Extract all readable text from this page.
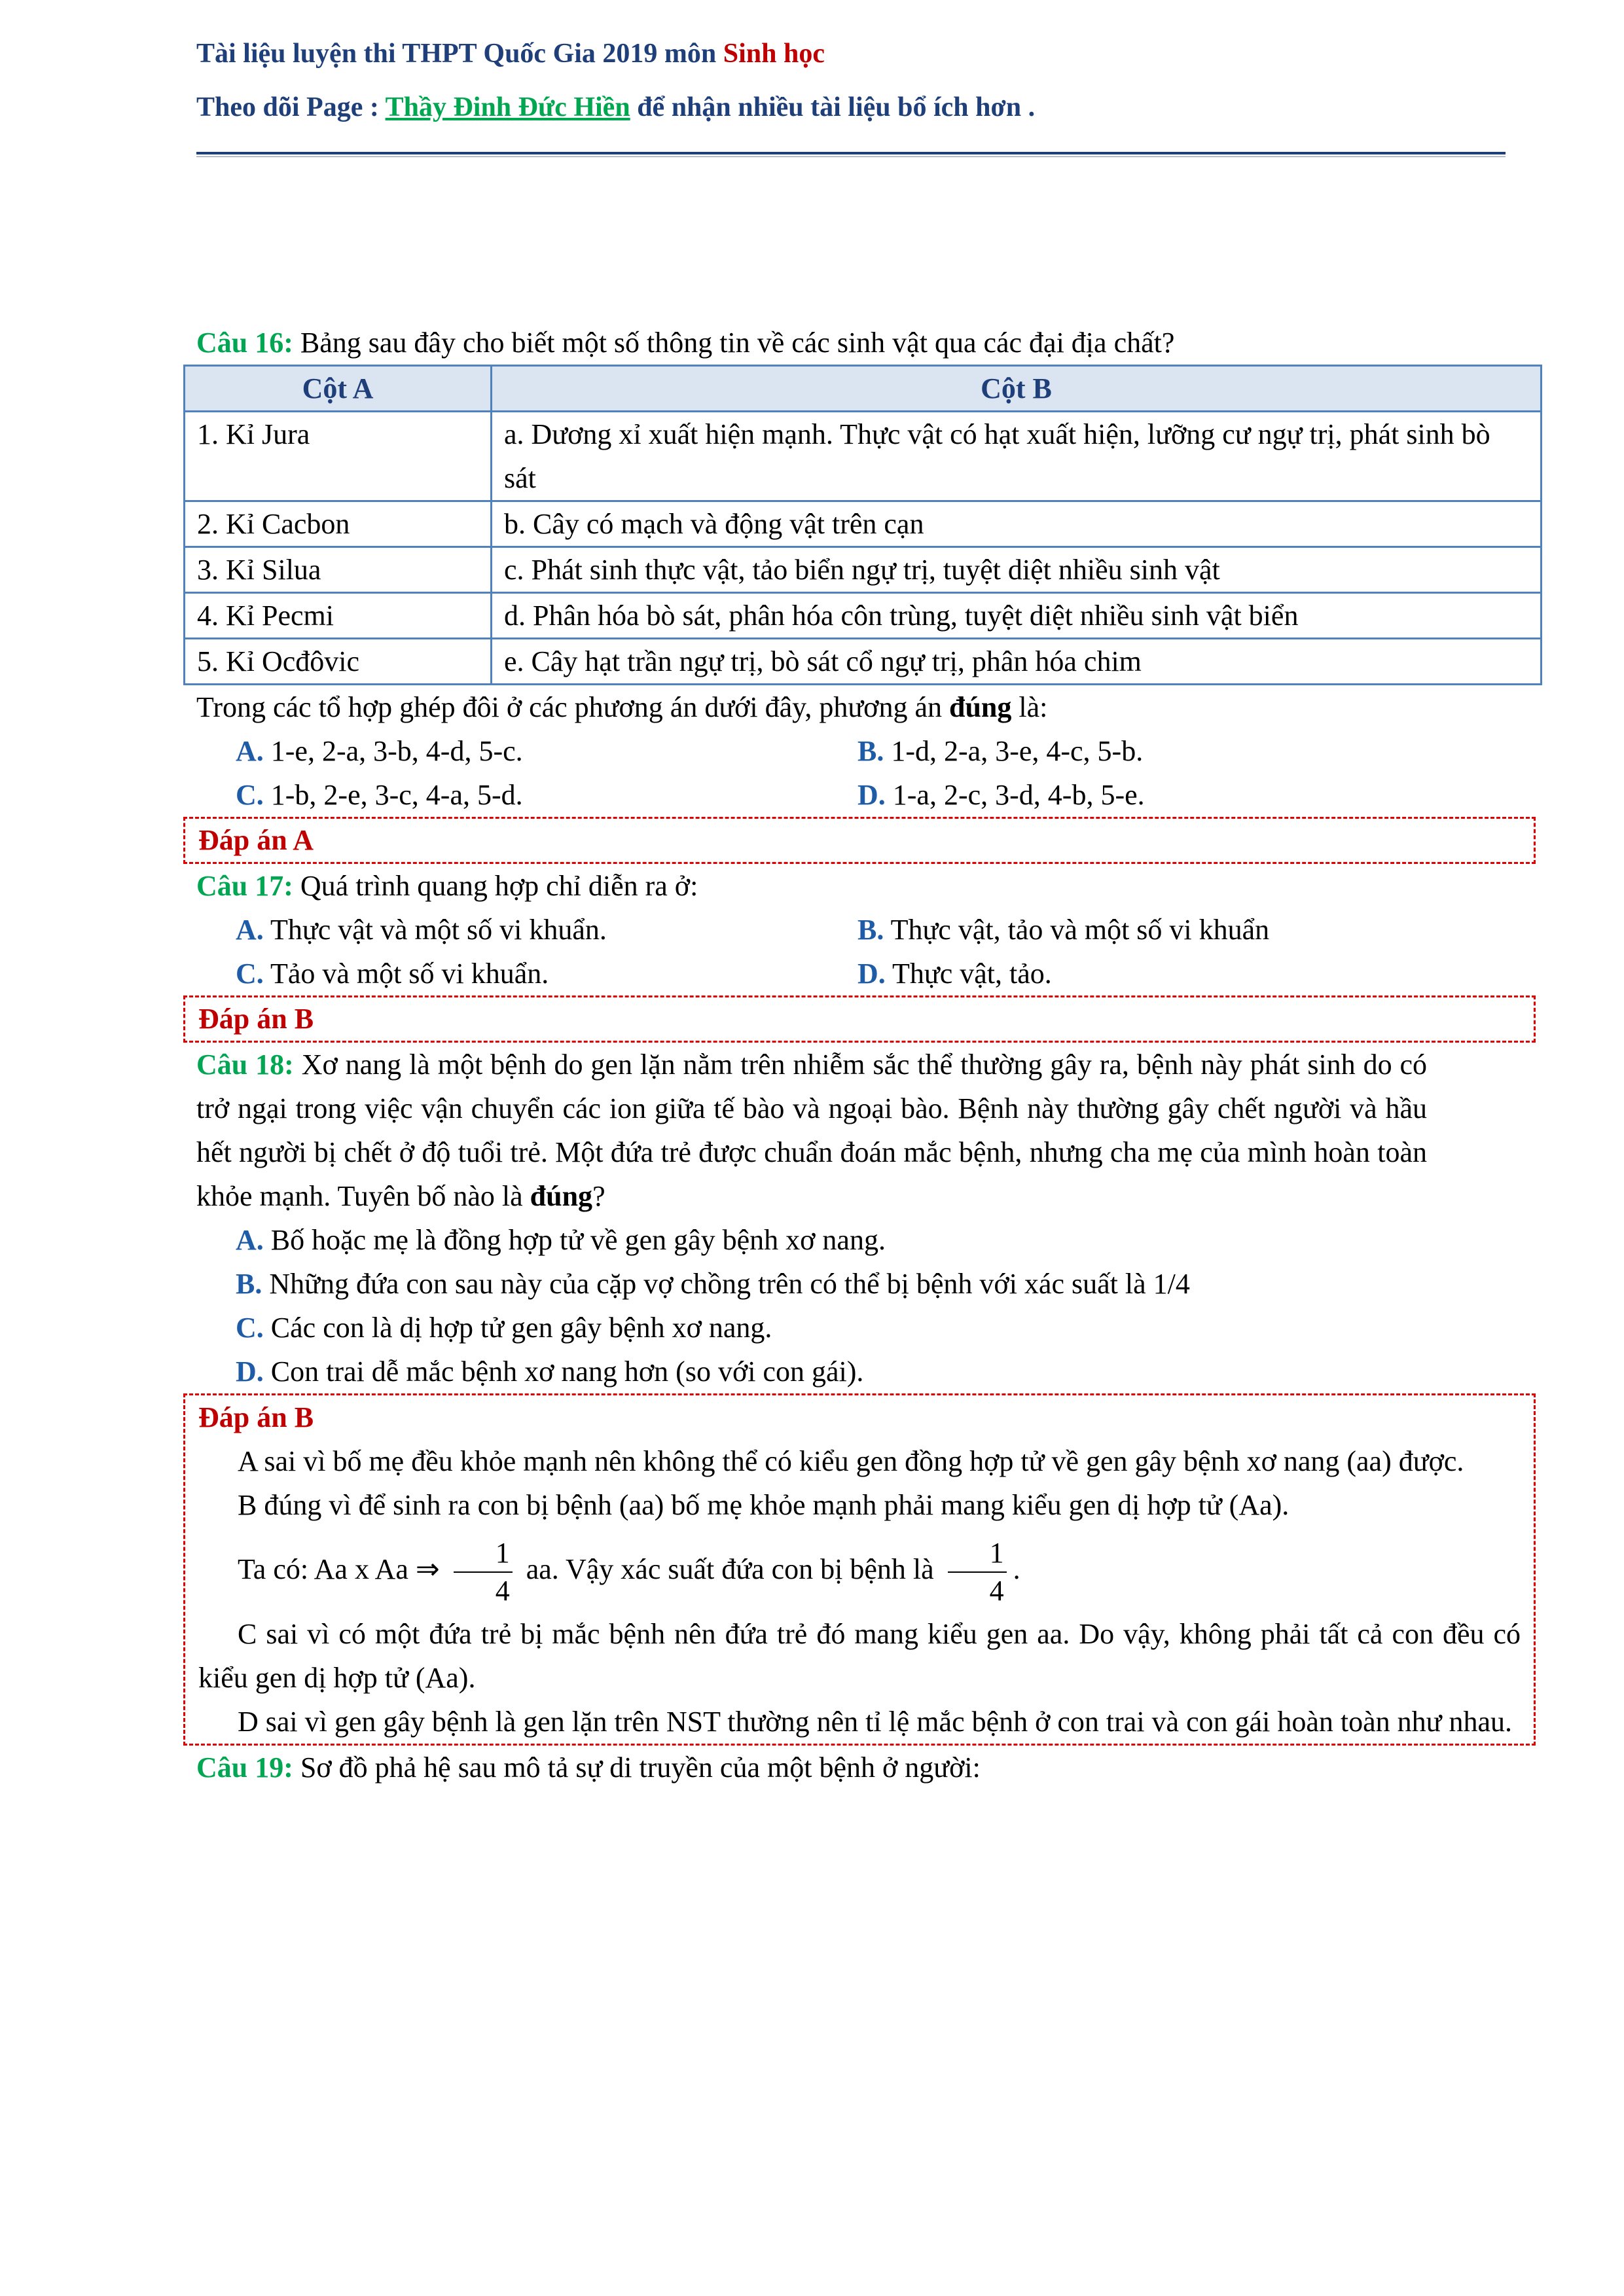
Tài liệu luyện thi THPT Quốc Gia 2019 môn Sinh học
Theo dõi Page : Thầy Đinh Đức Hiền để nhận nhiều tài liệu bổ ích hơn .
Câu 16: Bảng sau đây cho biết một số thông tin về các sinh vật qua các đại địa chất?
Cột A	Cột B
1. Kỉ Jura	a. Dương xỉ xuất hiện mạnh. Thực vật có hạt xuất hiện, lưỡng cư ngự trị, phát sinh bò sát
2. Kỉ Cacbon	b. Cây có mạch và động vật trên cạn
3. Kỉ Silua	c. Phát sinh thực vật, tảo biển ngự trị, tuyệt diệt nhiều sinh vật
4. Kỉ Pecmi	d. Phân hóa bò sát, phân hóa côn trùng, tuyệt diệt nhiều sinh vật biển
5. Kỉ Ocđôvic	e. Cây hạt trần ngự trị, bò sát cổ ngự trị, phân hóa chim
Trong các tổ hợp ghép đôi ở các phương án dưới đây, phương án đúng là:
A. 1-e, 2-a, 3-b, 4-d, 5-c.	B. 1-d, 2-a, 3-e, 4-c, 5-b.
C. 1-b, 2-e, 3-c, 4-a, 5-d.	D. 1-a, 2-c, 3-d, 4-b, 5-e.
Đáp án A
Câu 17: Quá trình quang hợp chỉ diễn ra ở:
A. Thực vật và một số vi khuẩn.	B. Thực vật, tảo và một số vi khuẩn
C. Tảo và một số vi khuẩn.	D. Thực vật, tảo.
Đáp án B
Câu 18: Xơ nang là một bệnh do gen lặn nằm trên nhiễm sắc thể thường gây ra, bệnh này phát sinh do có trở ngại trong việc vận chuyển các ion giữa tế bào và ngoại bào. Bệnh này thường gây chết người và hầu hết người bị chết ở độ tuổi trẻ. Một đứa trẻ được chuẩn đoán mắc bệnh, nhưng cha mẹ của mình hoàn toàn khỏe mạnh. Tuyên bố nào là đúng?
A. Bố hoặc mẹ là đồng hợp tử về gen gây bệnh xơ nang.
B. Những đứa con sau này của cặp vợ chồng trên có thể bị bệnh với xác suất là 1/4
C. Các con là dị hợp tử gen gây bệnh xơ nang.
D. Con trai dễ mắc bệnh xơ nang hơn (so với con gái).
Đáp án B
A sai vì bố mẹ đều khỏe mạnh nên không thể có kiểu gen đồng hợp tử về gen gây bệnh xơ nang (aa) được.
B đúng vì để sinh ra con bị bệnh (aa) bố mẹ khỏe mạnh phải mang kiểu gen dị hợp tử (Aa).
Ta có: Aa x Aa ⇒ $\frac{1}{4}$ aa. Vậy xác suất đứa con bị bệnh là $\frac{1}{4}$ .
C sai vì có một đứa trẻ bị mắc bệnh nên đứa trẻ đó mang kiểu gen aa. Do vậy, không phải tất cả con đều có kiểu gen dị hợp tử (Aa).
D sai vì gen gây bệnh là gen lặn trên NST thường nên tỉ lệ mắc bệnh ở con trai và con gái hoàn toàn như nhau.
Câu 19: Sơ đồ phả hệ sau mô tả sự di truyền của một bệnh ở người:
